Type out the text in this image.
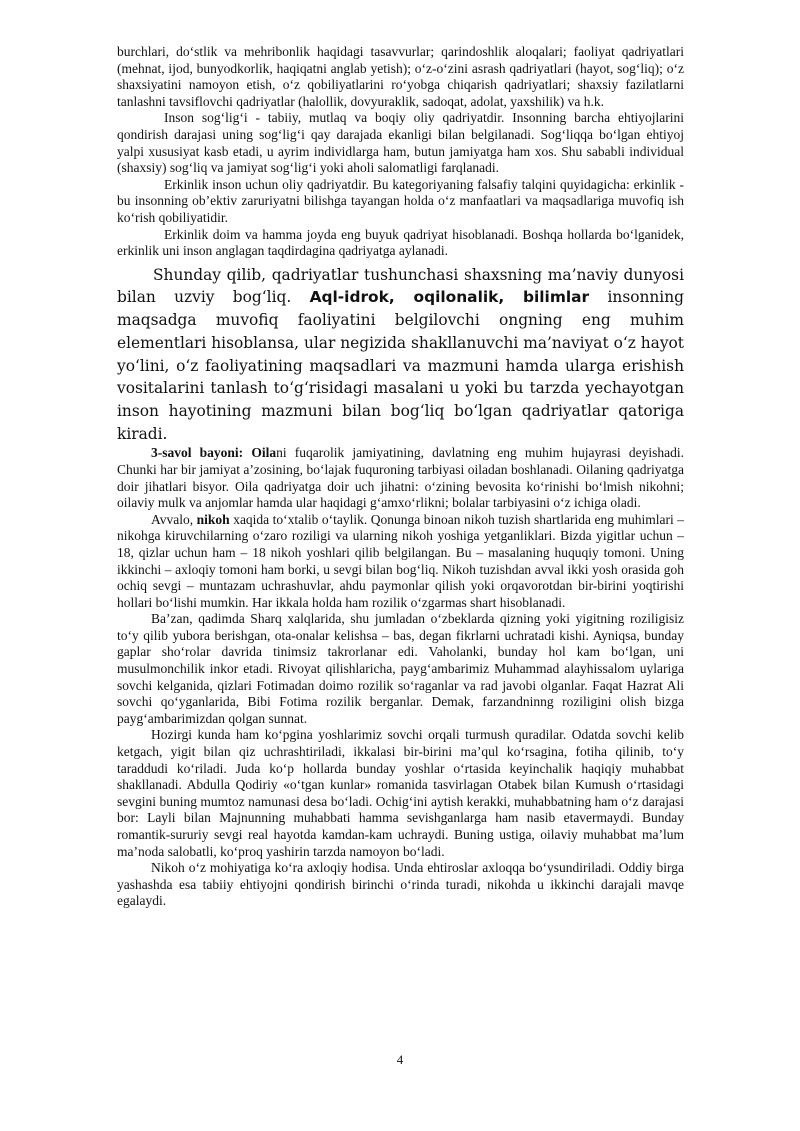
burchlari, doʻstlik va mehribonlik haqidagi tasavvurlar; qarindoshlik aloqalari; faoliyat qadriyatlari (mehnat, ijod, bunyodkorlik, haqiqatni anglab yetish); oʻz-oʻzini asrash qadriyatlari (hayot, sogʻliq); oʻz shaxsiyatini namoyon etish, oʻz qobiliyatlarini roʻyobga chiqarish qadriyatlari; shaxsiy fazilatlarni tanlashni tavsiflovchi qadriyatlar (halollik, dovyuraklik, sadoqat, adolat, yaxshilik) va h.k.

Inson sogʻligʻi - tabiiy, mutlaq va boqiy oliy qadriyatdir. Insonning barcha ehtiyojlarini qondirish darajasi uning sogʻligʻi qay darajada ekanligi bilan belgilanadi. Sogʻliqqa boʻlgan ehtiyoj yalpi xususiyat kasb etadi, u ayrim individlarga ham, butun jamiyatga ham xos. Shu sababli individual (shaxsiy) sogʻliq va jamiyat sogʻligʻi yoki aholi salomatligi farqlanadi.

Erkinlik inson uchun oliy qadriyatdir. Bu kategoriyaning falsafiy talqini quyidagicha: erkinlik - bu insonning ob’ektiv zaruriyatni bilishga tayangan holda oʻz manfaatlari va maqsadlariga muvofiq ish koʻrish qobiliyatidir.

Erkinlik doim va hamma joyda eng buyuk qadriyat hisoblanadi. Boshqa hollarda boʻlganidek, erkinlik uni inson anglagan taqdirdagina qadriyatga aylanadi.

Shunday qilib, qadriyatlar tushunchasi shaxsning ma’naviy dunyosi bilan uzviy bogʻliq. Aql-idrok, oqilonalik, bilimlar insonning maqsadga muvofiq faoliyatini belgilovchi ongning eng muhim elementlari hisoblansa, ular negizida shakllanuvchi ma’naviyat oʻz hayot yoʻlini, oʻz faoliyatining maqsadlari va mazmuni hamda ularga erishish vositalarini tanlash toʻgʻrisidagi masalani u yoki bu tarzda yechayotgan inson hayotining mazmuni bilan bogʻliq boʻlgan qadriyatlar qatoriga kiradi.

3-savol bayoni: Oilani fuqarolik jamiyatining, davlatning eng muhim hujayrasi deyishadi. Chunki har bir jamiyat a’zosining, boʻlajak fuquroning tarbiyasi oiladan boshlanadi. Oilaning qadriyatga doir jihatlari bisyor. Oila qadriyatga doir uch jihatni: oʻzining bevosita koʻrinishi boʻlmish nikohni; oilaviy mulk va anjomlar hamda ular haqidagi gʻamxoʻrlikni; bolalar tarbiyasini oʻz ichiga oladi.

Avvalo, nikoh xaqida toʻxtalib oʻtaylik. Qonunga binoan nikoh tuzish shartlarida eng muhimlari – nikohga kiruvchilarning oʻzaro roziligi va ularning nikoh yoshiga yetganliklari. Bizda yigitlar uchun – 18, qizlar uchun ham – 18 nikoh yoshlari qilib belgilangan. Bu – masalaning huquqiy tomoni. Uning ikkinchi – axloqiy tomoni ham borki, u sevgi bilan bogʻliq. Nikoh tuzishdan avval ikki yosh orasida goh ochiq sevgi – muntazam uchrashuvlar, ahdu paymonlar qilish yoki orqavorotdan bir-birini yoqtirishi hollari boʻlishi mumkin. Har ikkala holda ham rozilik oʻzgarmas shart hisoblanadi.

Ba’zan, qadimda Sharq xalqlarida, shu jumladan oʻzbeklarda qizning yoki yigitning roziligisiz toʻy qilib yubora berishgan, ota-onalar kelishsa – bas, degan fikrlarni uchratadi kishi. Ayniqsa, bunday gaplar shoʻrolar davrida tinimsiz takrorlanar edi. Vaholanki, bunday hol kam boʻlgan, uni musulmonchilik inkor etadi. Rivoyat qilishlaricha, paygʻambarimiz Muhammad alayhissalom uylariga sovchi kelganida, qizlari Fotimadan doimo rozilik soʻraganlar va rad javobi olganlar. Faqat Hazrat Ali sovchi qoʻyganlarida, Bibi Fotima rozilik berganlar. Demak, farzandninng roziligini olish bizga paygʻambarimizdan qolgan sunnat.

Hozirgi kunda ham koʻpgina yoshlarimiz sovchi orqali turmush quradilar. Odatda sovchi kelib ketgach, yigit bilan qiz uchrashtiriladi, ikkalasi bir-birini ma’qul koʻrsagina, fotiha qilinib, toʻy taraddudi koʻriladi. Juda koʻp hollarda bunday yoshlar oʻrtasida keyinchalik haqiqiy muhabbat shakllanadi. Abdulla Qodiriy «oʻtgan kunlar» romanida tasvirlagan Otabek bilan Kumush oʻrtasidagi sevgini buning mumtoz namunasi desa boʻladi. Ochigʻini aytish kerakki, muhabbatning ham oʻz darajasi bor: Layli bilan Majnunning muhabbati hamma sevishganlarga ham nasib etavermaydi. Bunday romantik-sururiy sevgi real hayotda kamdan-kam uchraydi. Buning ustiga, oilaviy muhabbat ma’lum ma’noda salobatli, koʻproq yashirin tarzda namoyon boʻladi.

Nikoh oʻz mohiyatiga koʻra axloqiy hodisa. Unda ehtiroslar axloqqa boʻysundiriladi. Oddiy birga yashashda esa tabiiy ehtiyojni qondirish birinchi oʻrinda turadi, nikohda u ikkinchi darajali mavqe egalaydi.

4
